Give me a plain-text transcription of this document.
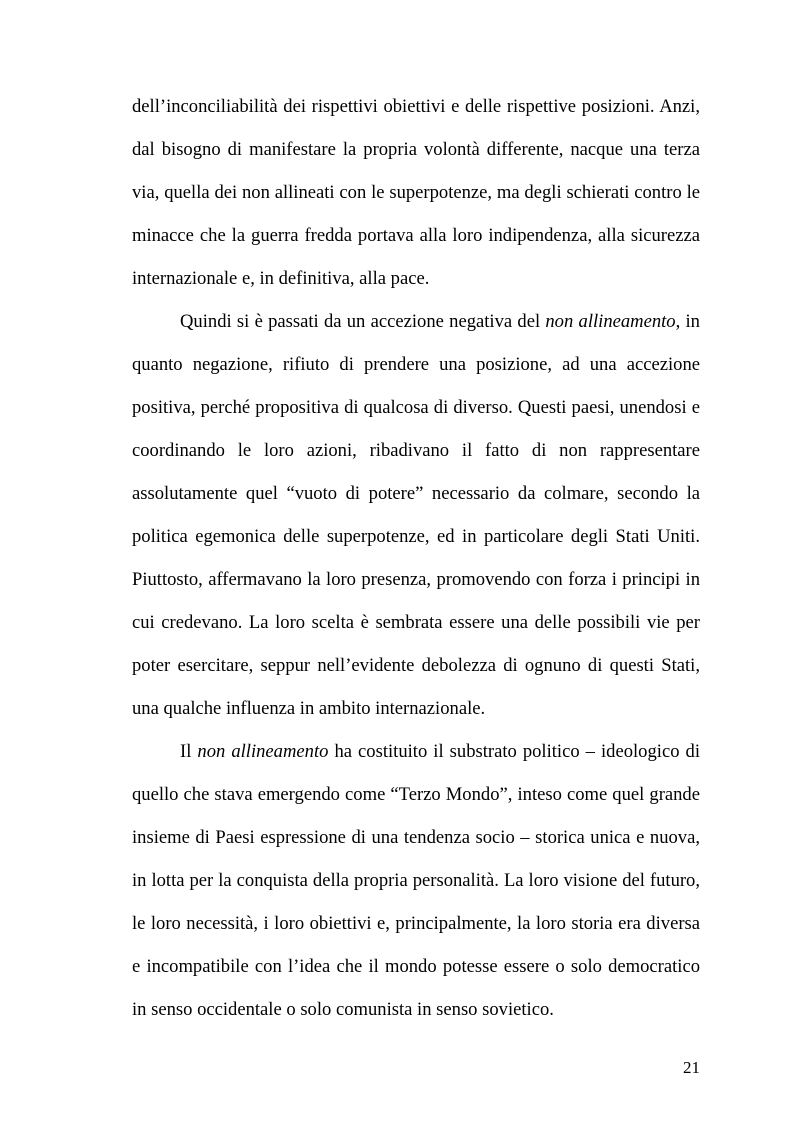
dell’inconciliabilità dei rispettivi obiettivi e delle rispettive posizioni. Anzi, dal bisogno di manifestare la propria volontà differente, nacque una terza via, quella dei non allineati con le superpotenze, ma degli schierati contro le minacce che la guerra fredda portava alla loro indipendenza, alla sicurezza internazionale e, in definitiva, alla pace.

Quindi si è passati da un accezione negativa del non allineamento, in quanto negazione, rifiuto di prendere una posizione, ad una accezione positiva, perché propositiva di qualcosa di diverso. Questi paesi, unendosi e coordinando le loro azioni, ribadivano il fatto di non rappresentare assolutamente quel “vuoto di potere” necessario da colmare, secondo la politica egemonica delle superpotenze, ed in particolare degli Stati Uniti. Piuttosto, affermavano la loro presenza, promovendo con forza i principi in cui credevano. La loro scelta è sembrata essere una delle possibili vie per poter esercitare, seppur nell’evidente debolezza di ognuno di questi Stati, una qualche influenza in ambito internazionale.

Il non allineamento ha costituito il substrato politico – ideologico di quello che stava emergendo come “Terzo Mondo”, inteso come quel grande insieme di Paesi espressione di una tendenza socio – storica unica e nuova, in lotta per la conquista della propria personalità. La loro visione del futuro, le loro necessità, i loro obiettivi e, principalmente, la loro storia era diversa e incompatibile con l’idea che il mondo potesse essere o solo democratico in senso occidentale o solo comunista in senso sovietico.

21
